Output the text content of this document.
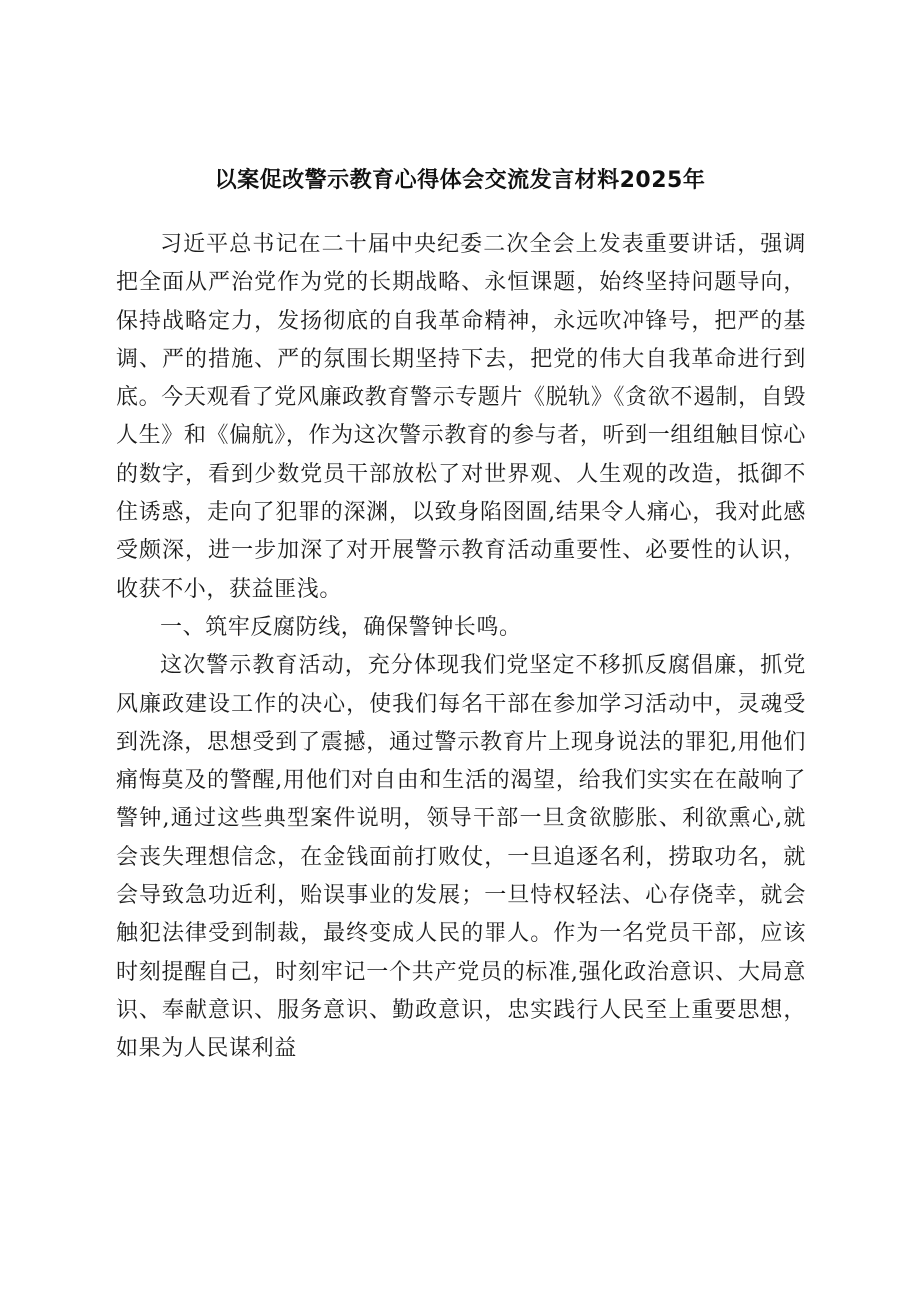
以案促改警示教育心得体会交流发言材料2025年

习近平总书记在二十届中央纪委二次全会上发表重要讲话，强调把全面从严治党作为党的长期战略、永恒课题，始终坚持问题导向，保持战略定力，发扬彻底的自我革命精神，永远吹冲锋号，把严的基调、严的措施、严的氛围长期坚持下去，把党的伟大自我革命进行到底。今天观看了党风廉政教育警示专题片《脱轨》《贪欲不遏制，自毁人生》和《偏航》，作为这次警示教育的参与者，听到一组组触目惊心的数字，看到少数党员干部放松了对世界观、人生观的改造，抵御不住诱惑，走向了犯罪的深渊，以致身陷囹圄,结果令人痛心，我对此感受颇深，进一步加深了对开展警示教育活动重要性、必要性的认识，收获不小，获益匪浅。

一、筑牢反腐防线，确保警钟长鸣。

这次警示教育活动，充分体现我们党坚定不移抓反腐倡廉，抓党风廉政建设工作的决心，使我们每名干部在参加学习活动中，灵魂受到洗涤，思想受到了震撼，通过警示教育片上现身说法的罪犯,用他们痛悔莫及的警醒,用他们对自由和生活的渴望，给我们实实在在敲响了警钟,通过这些典型案件说明，领导干部一旦贪欲膨胀、利欲熏心,就会丧失理想信念，在金钱面前打败仗，一旦追逐名利，捞取功名，就会导致急功近利，贻误事业的发展；一旦恃权轻法、心存侥幸，就会触犯法律受到制裁，最终变成人民的罪人。作为一名党员干部，应该时刻提醒自己，时刻牢记一个共产党员的标准,强化政治意识、大局意识、奉献意识、服务意识、勤政意识，忠实践行人民至上重要思想，如果为人民谋利益
